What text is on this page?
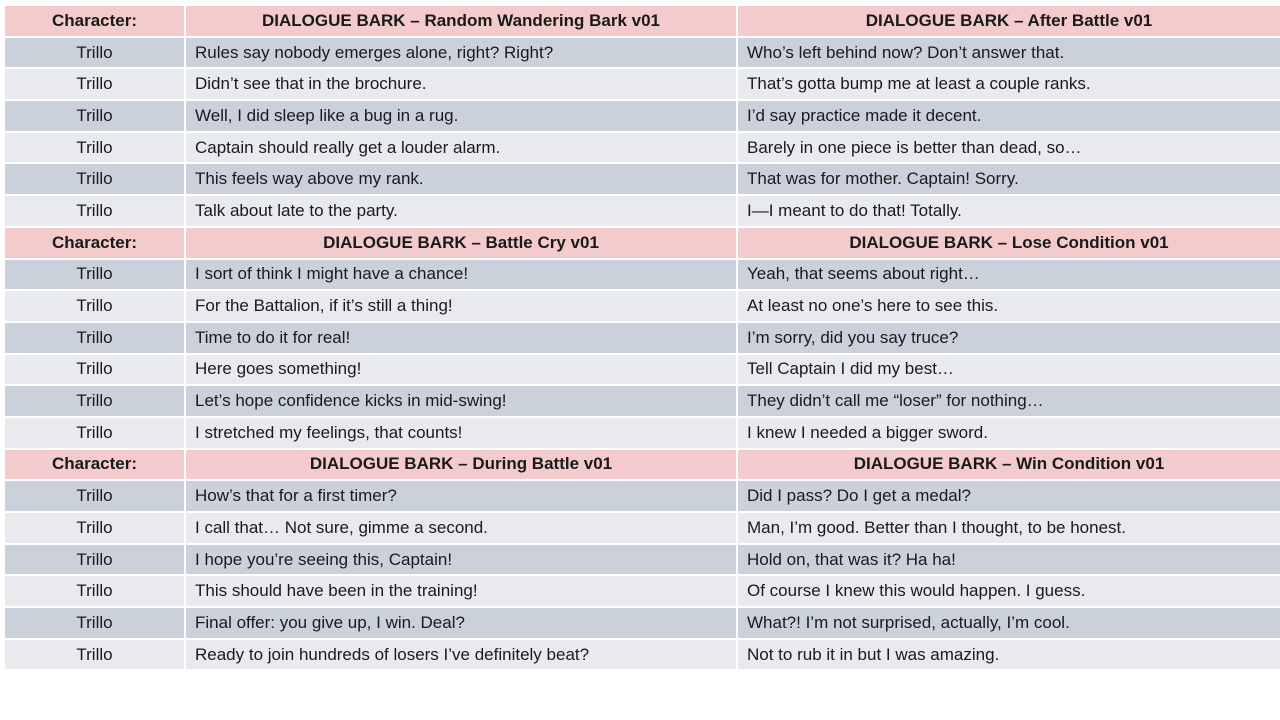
Character:	DIALOGUE BARK – Random Wandering Bark v01	DIALOGUE BARK – After Battle v01
Trillo	Rules say nobody emerges alone, right? Right?	Who’s left behind now? Don’t answer that.
Trillo	Didn’t see that in the brochure.	That’s gotta bump me at least a couple ranks.
Trillo	Well, I did sleep like a bug in a rug.	I’d say practice made it decent.
Trillo	Captain should really get a louder alarm.	Barely in one piece is better than dead, so…
Trillo	This feels way above my rank.	That was for mother. Captain! Sorry.
Trillo	Talk about late to the party.	I—I meant to do that! Totally.
Character:	DIALOGUE BARK – Battle Cry v01	DIALOGUE BARK – Lose Condition v01
Trillo	I sort of think I might have a chance!	Yeah, that seems about right…
Trillo	For the Battalion, if it’s still a thing!	At least no one’s here to see this.
Trillo	Time to do it for real!	I’m sorry, did you say truce?
Trillo	Here goes something!	Tell Captain I did my best…
Trillo	Let’s hope confidence kicks in mid-swing!	They didn’t call me “loser” for nothing…
Trillo	I stretched my feelings, that counts!	I knew I needed a bigger sword.
Character:	DIALOGUE BARK – During Battle v01	DIALOGUE BARK – Win Condition v01
Trillo	How’s that for a first timer?	Did I pass? Do I get a medal?
Trillo	I call that… Not sure, gimme a second.	Man, I’m good. Better than I thought, to be honest.
Trillo	I hope you’re seeing this, Captain!	Hold on, that was it? Ha ha!
Trillo	This should have been in the training!	Of course I knew this would happen. I guess.
Trillo	Final offer: you give up, I win. Deal?	What?! I’m not surprised, actually, I’m cool.
Trillo	Ready to join hundreds of losers I’ve definitely beat?	Not to rub it in but I was amazing.
